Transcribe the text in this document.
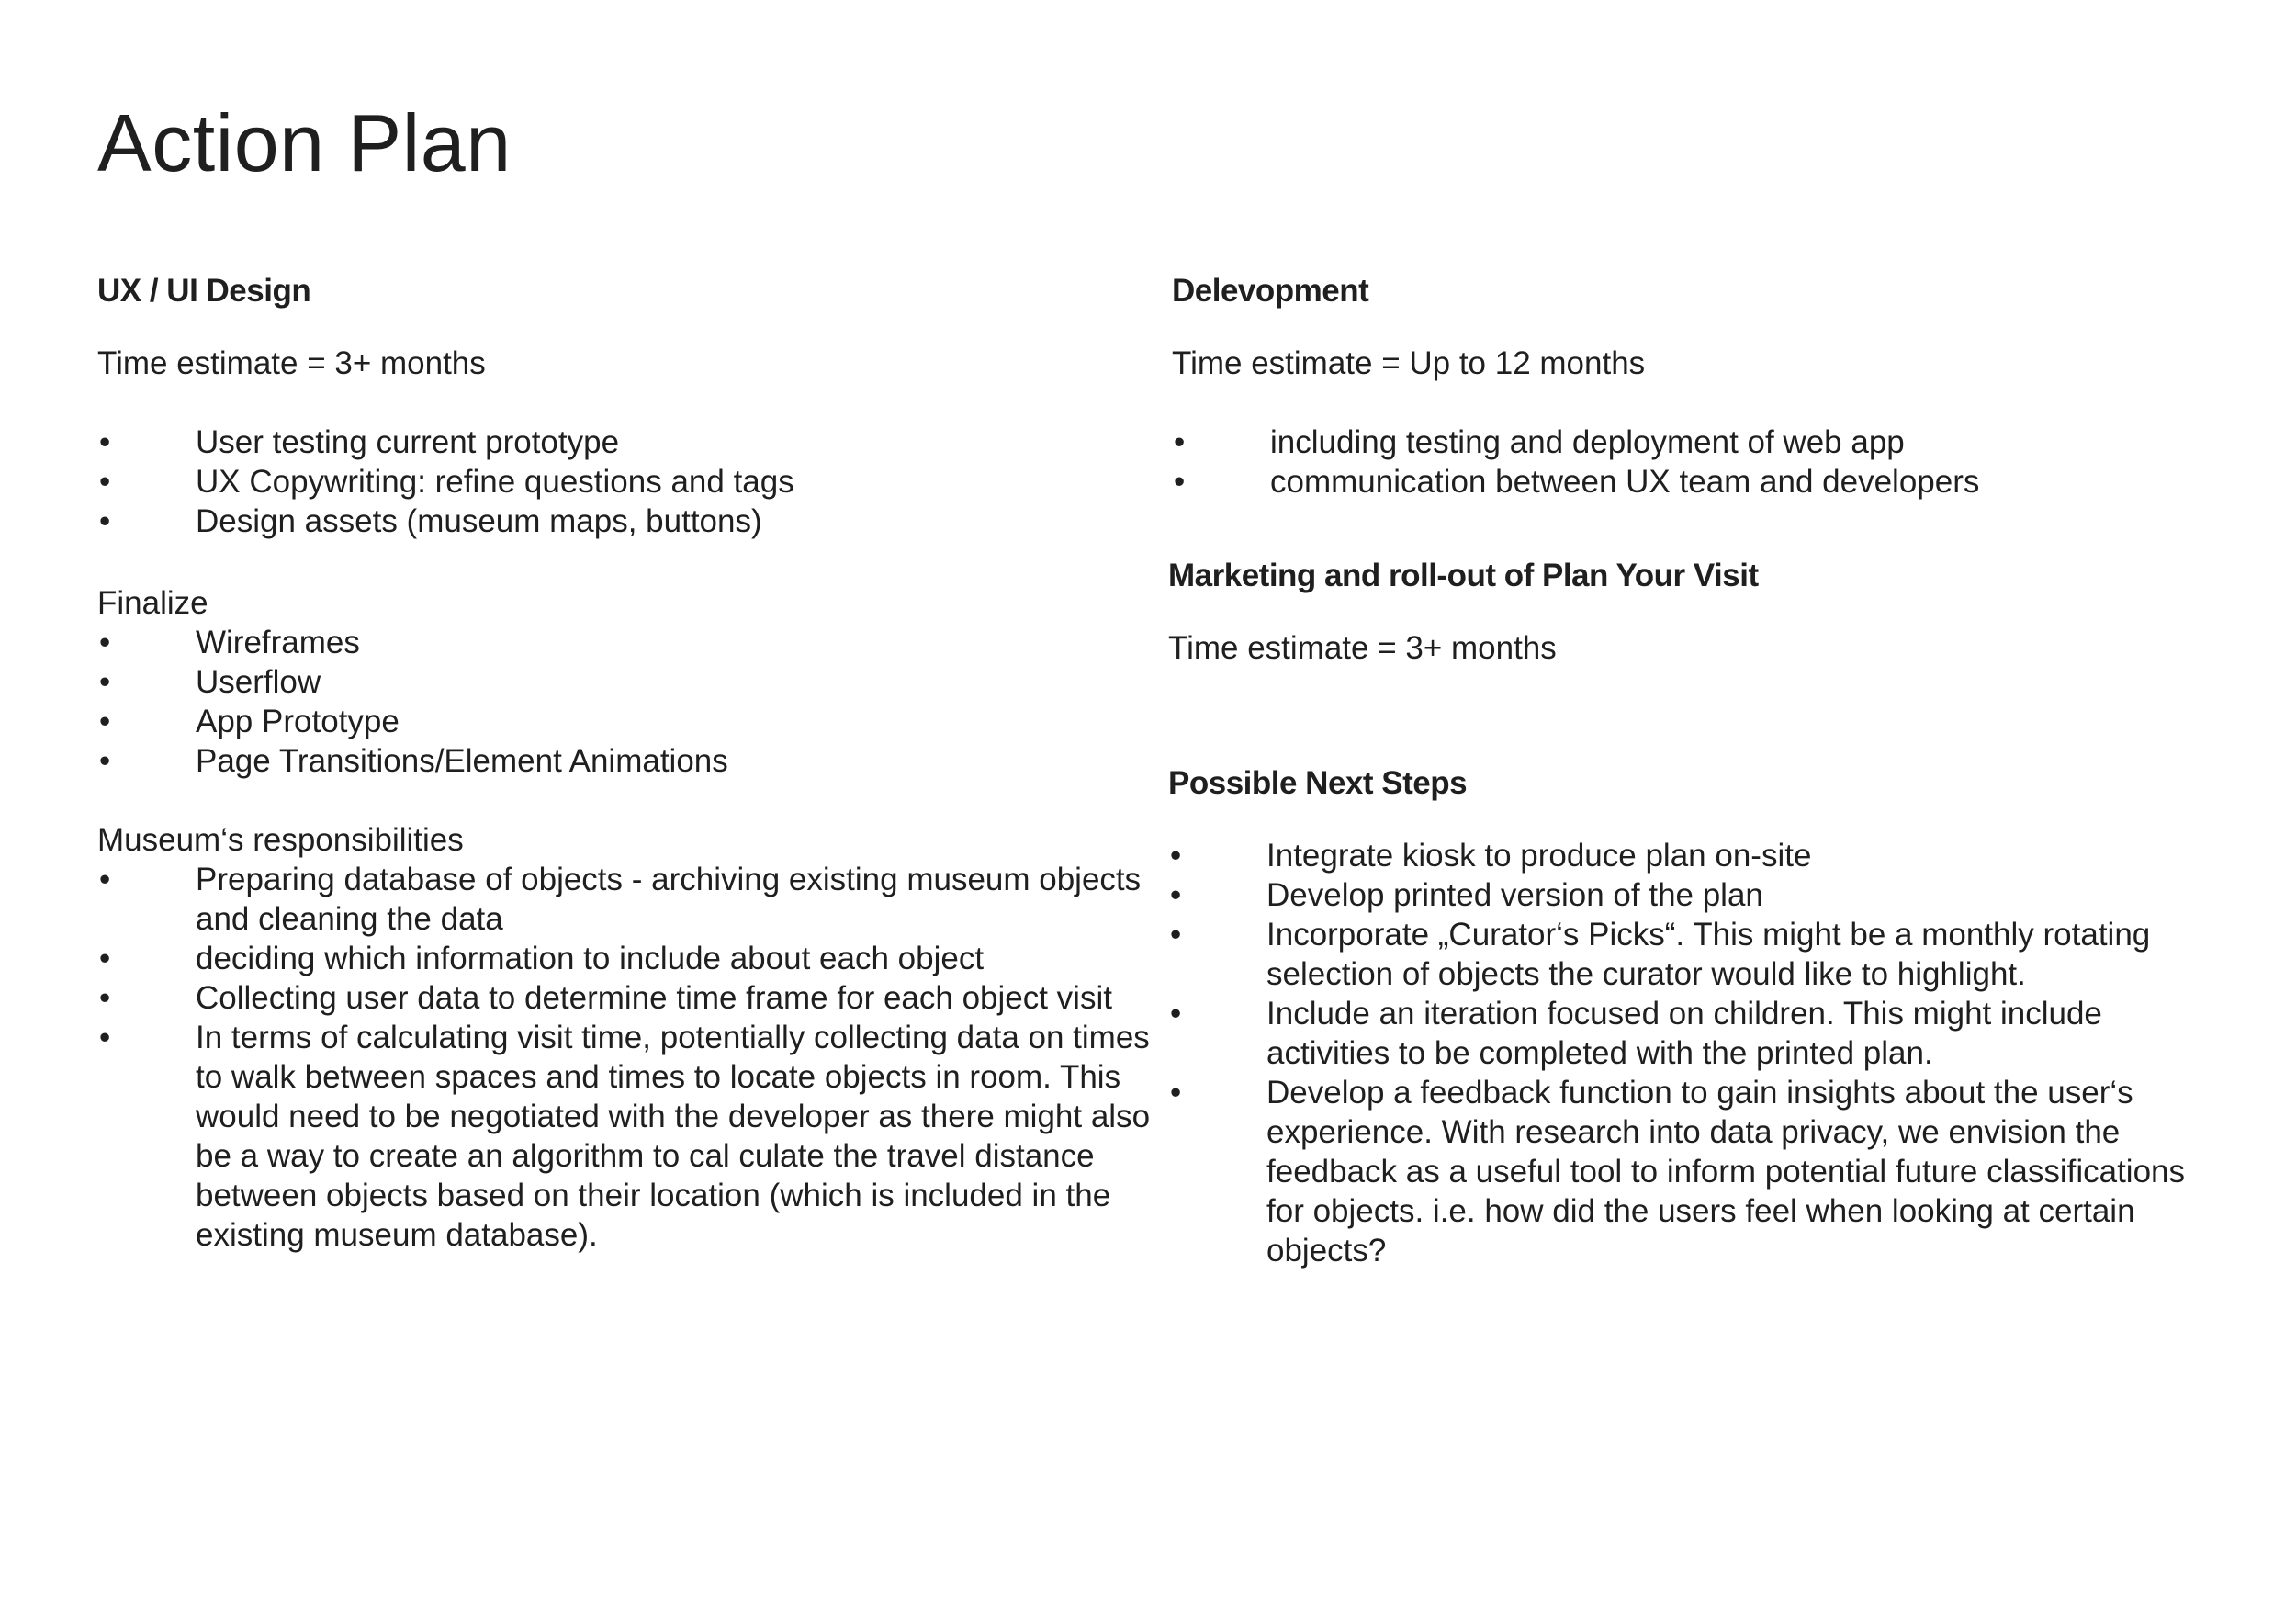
Action Plan
UX / UI Design

Time estimate = 3+ months

•	User testing current prototype
•	UX Copywriting: refine questions and tags
•	Design assets (museum maps, buttons)

Finalize

•	Wireframes
•	Userflow
•	App Prototype
•	Page Transitions/Element Animations

Museum‘s responsibilities

•	Preparing database of objects - archiving existing museum objects and cleaning the data
•	deciding which information to include about each object
•	Collecting user data to determine time frame for each object visit
•	In terms of calculating visit time, potentially collecting data on times to walk between spaces and times to locate objects in room. This would need to be negotiated with the developer as there might also be a way to create an algorithm to cal culate the travel distance between objects based on their location (which is included in the existing museum database).
Delevopment

Time estimate = Up to 12 months

•	including testing and deployment of web app
•	communication between UX team and developers
Marketing and roll-out of Plan Your Visit

Time estimate = 3+ months

Possible Next Steps
•	Integrate kiosk to produce plan on-site
•	Develop printed version of the plan
•	Incorporate „Curator‘s Picks“. This might be a monthly rotating selection of objects the curator would like to highlight.
•	Include an iteration focused on children. This might include activities to be completed with the printed plan.
•	Develop a feedback function to gain insights about the user‘s experience. With research into data privacy, we envision the feedback as a useful tool to inform potential future classifications for objects. i.e. how did the users feel when looking at certain objects?
